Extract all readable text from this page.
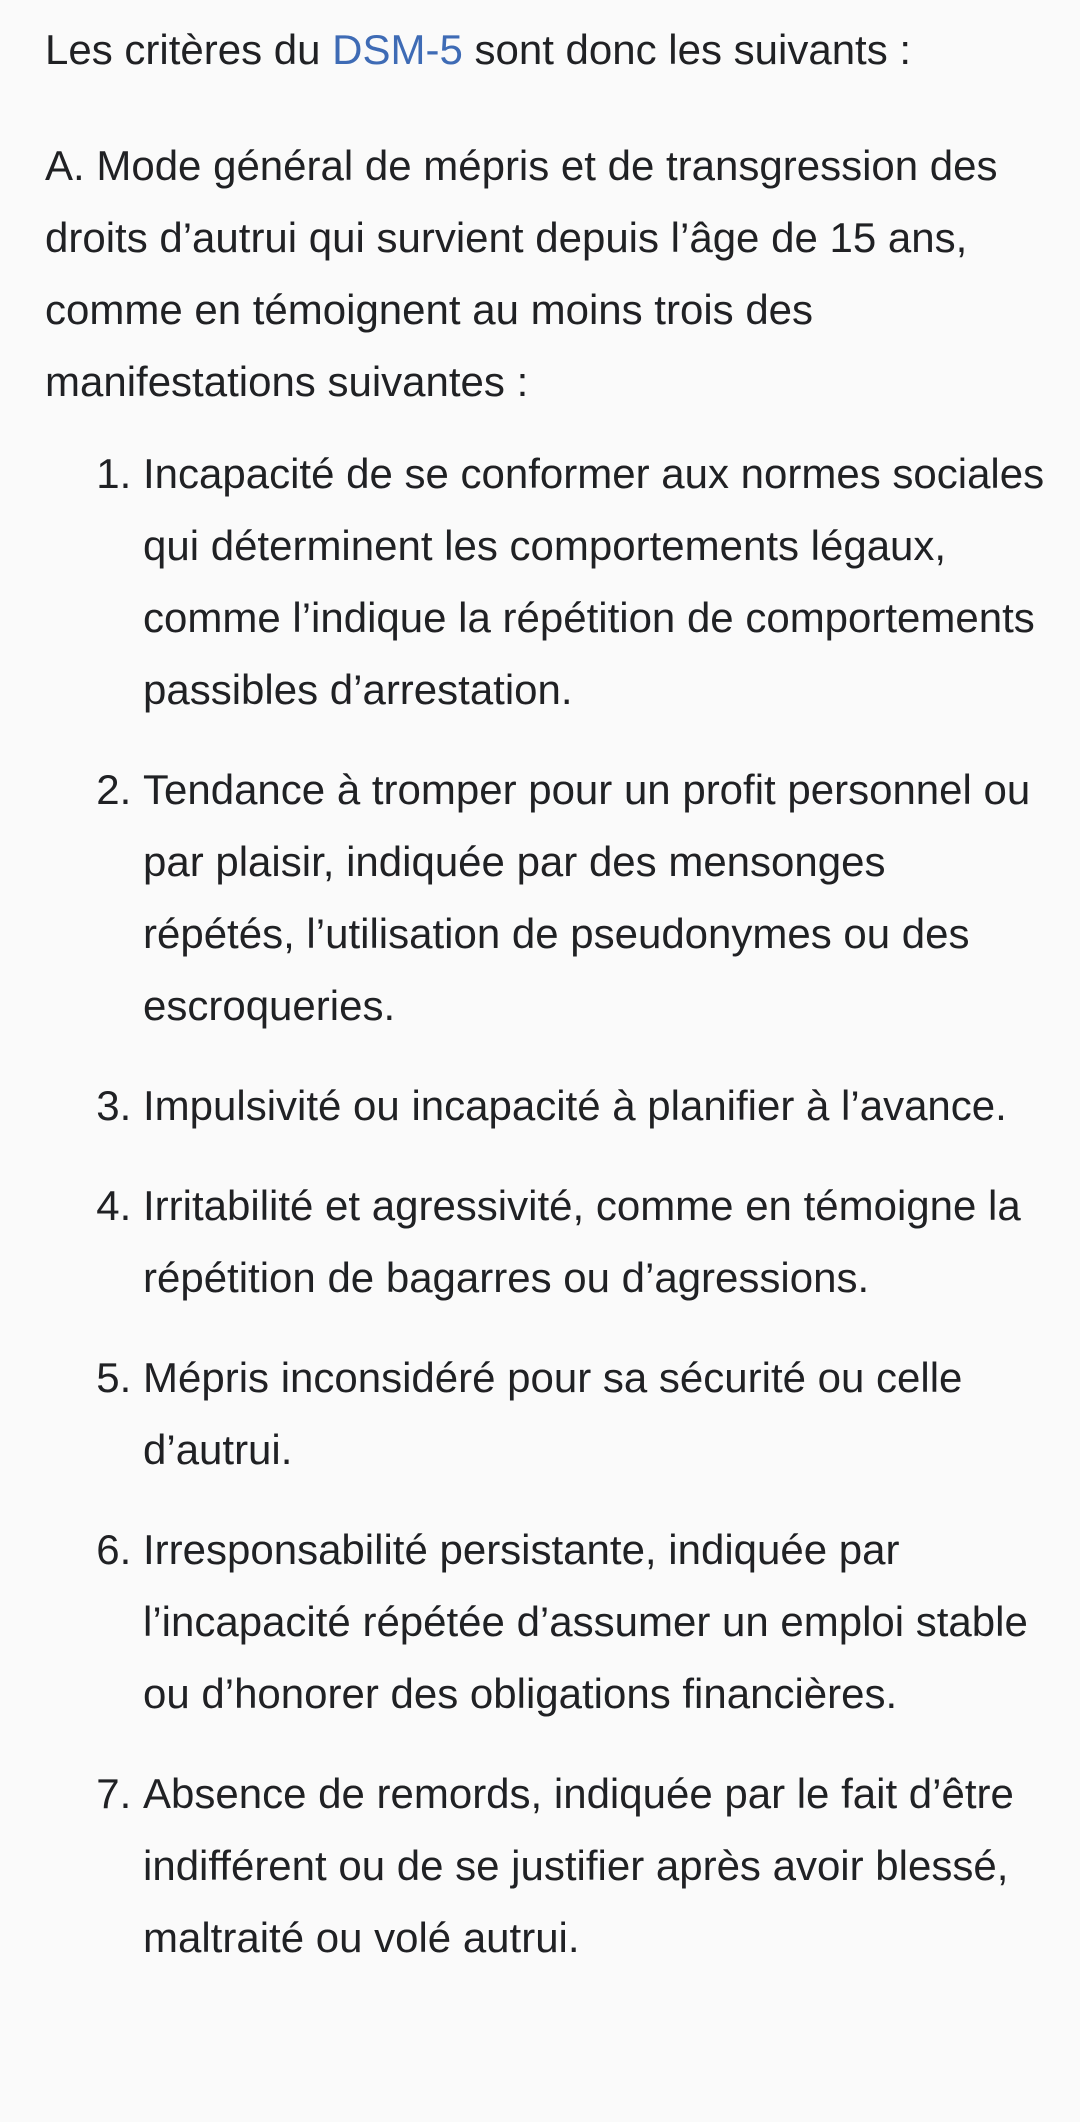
Les critères du DSM-5 sont donc les suivants :

A. Mode général de mépris et de transgression des droits d’autrui qui survient depuis l’âge de 15 ans, comme en témoignent au moins trois des manifestations suivantes :

1. Incapacité de se conformer aux normes sociales qui déterminent les comportements légaux, comme l’indique la répétition de comportements passibles d’arrestation.
2. Tendance à tromper pour un profit personnel ou par plaisir, indiquée par des mensonges répétés, l’utilisation de pseudonymes ou des escroqueries.
3. Impulsivité ou incapacité à planifier à l’avance.
4. Irritabilité et agressivité, comme en témoigne la répétition de bagarres ou d’agressions.
5. Mépris inconsidéré pour sa sécurité ou celle d’autrui.
6. Irresponsabilité persistante, indiquée par l’incapacité répétée d’assumer un emploi stable ou d’honorer des obligations financières.
7. Absence de remords, indiquée par le fait d’être indifférent ou de se justifier après avoir blessé, maltraité ou volé autrui.
